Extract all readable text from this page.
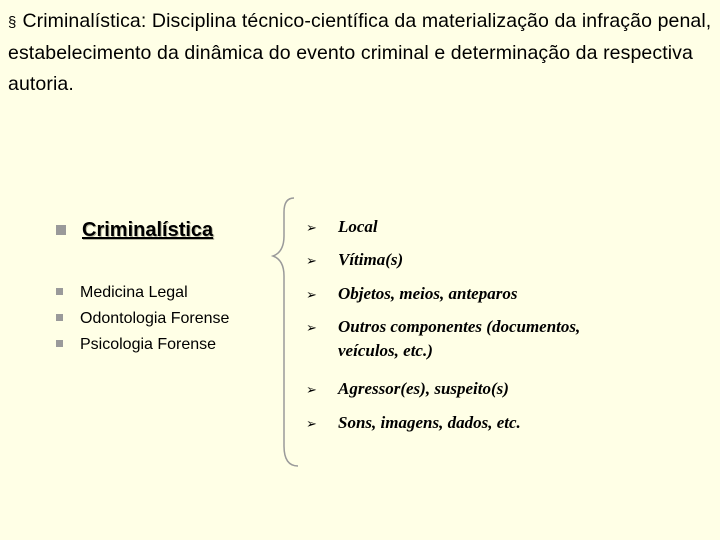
§ Criminalística: Disciplina técnico-científica da materialização da infração penal, estabelecimento da dinâmica do evento criminal e determinação da respectiva autoria.
Criminalística
Medicina Legal
Odontologia Forense
Psicologia Forense
➢ Local
➢ Vítima(s)
➢ Objetos, meios, anteparos
➢ Outros componentes (documentos,
veículos, etc.)
➢ Agressor(es), suspeito(s)
➢ Sons, imagens, dados, etc.
